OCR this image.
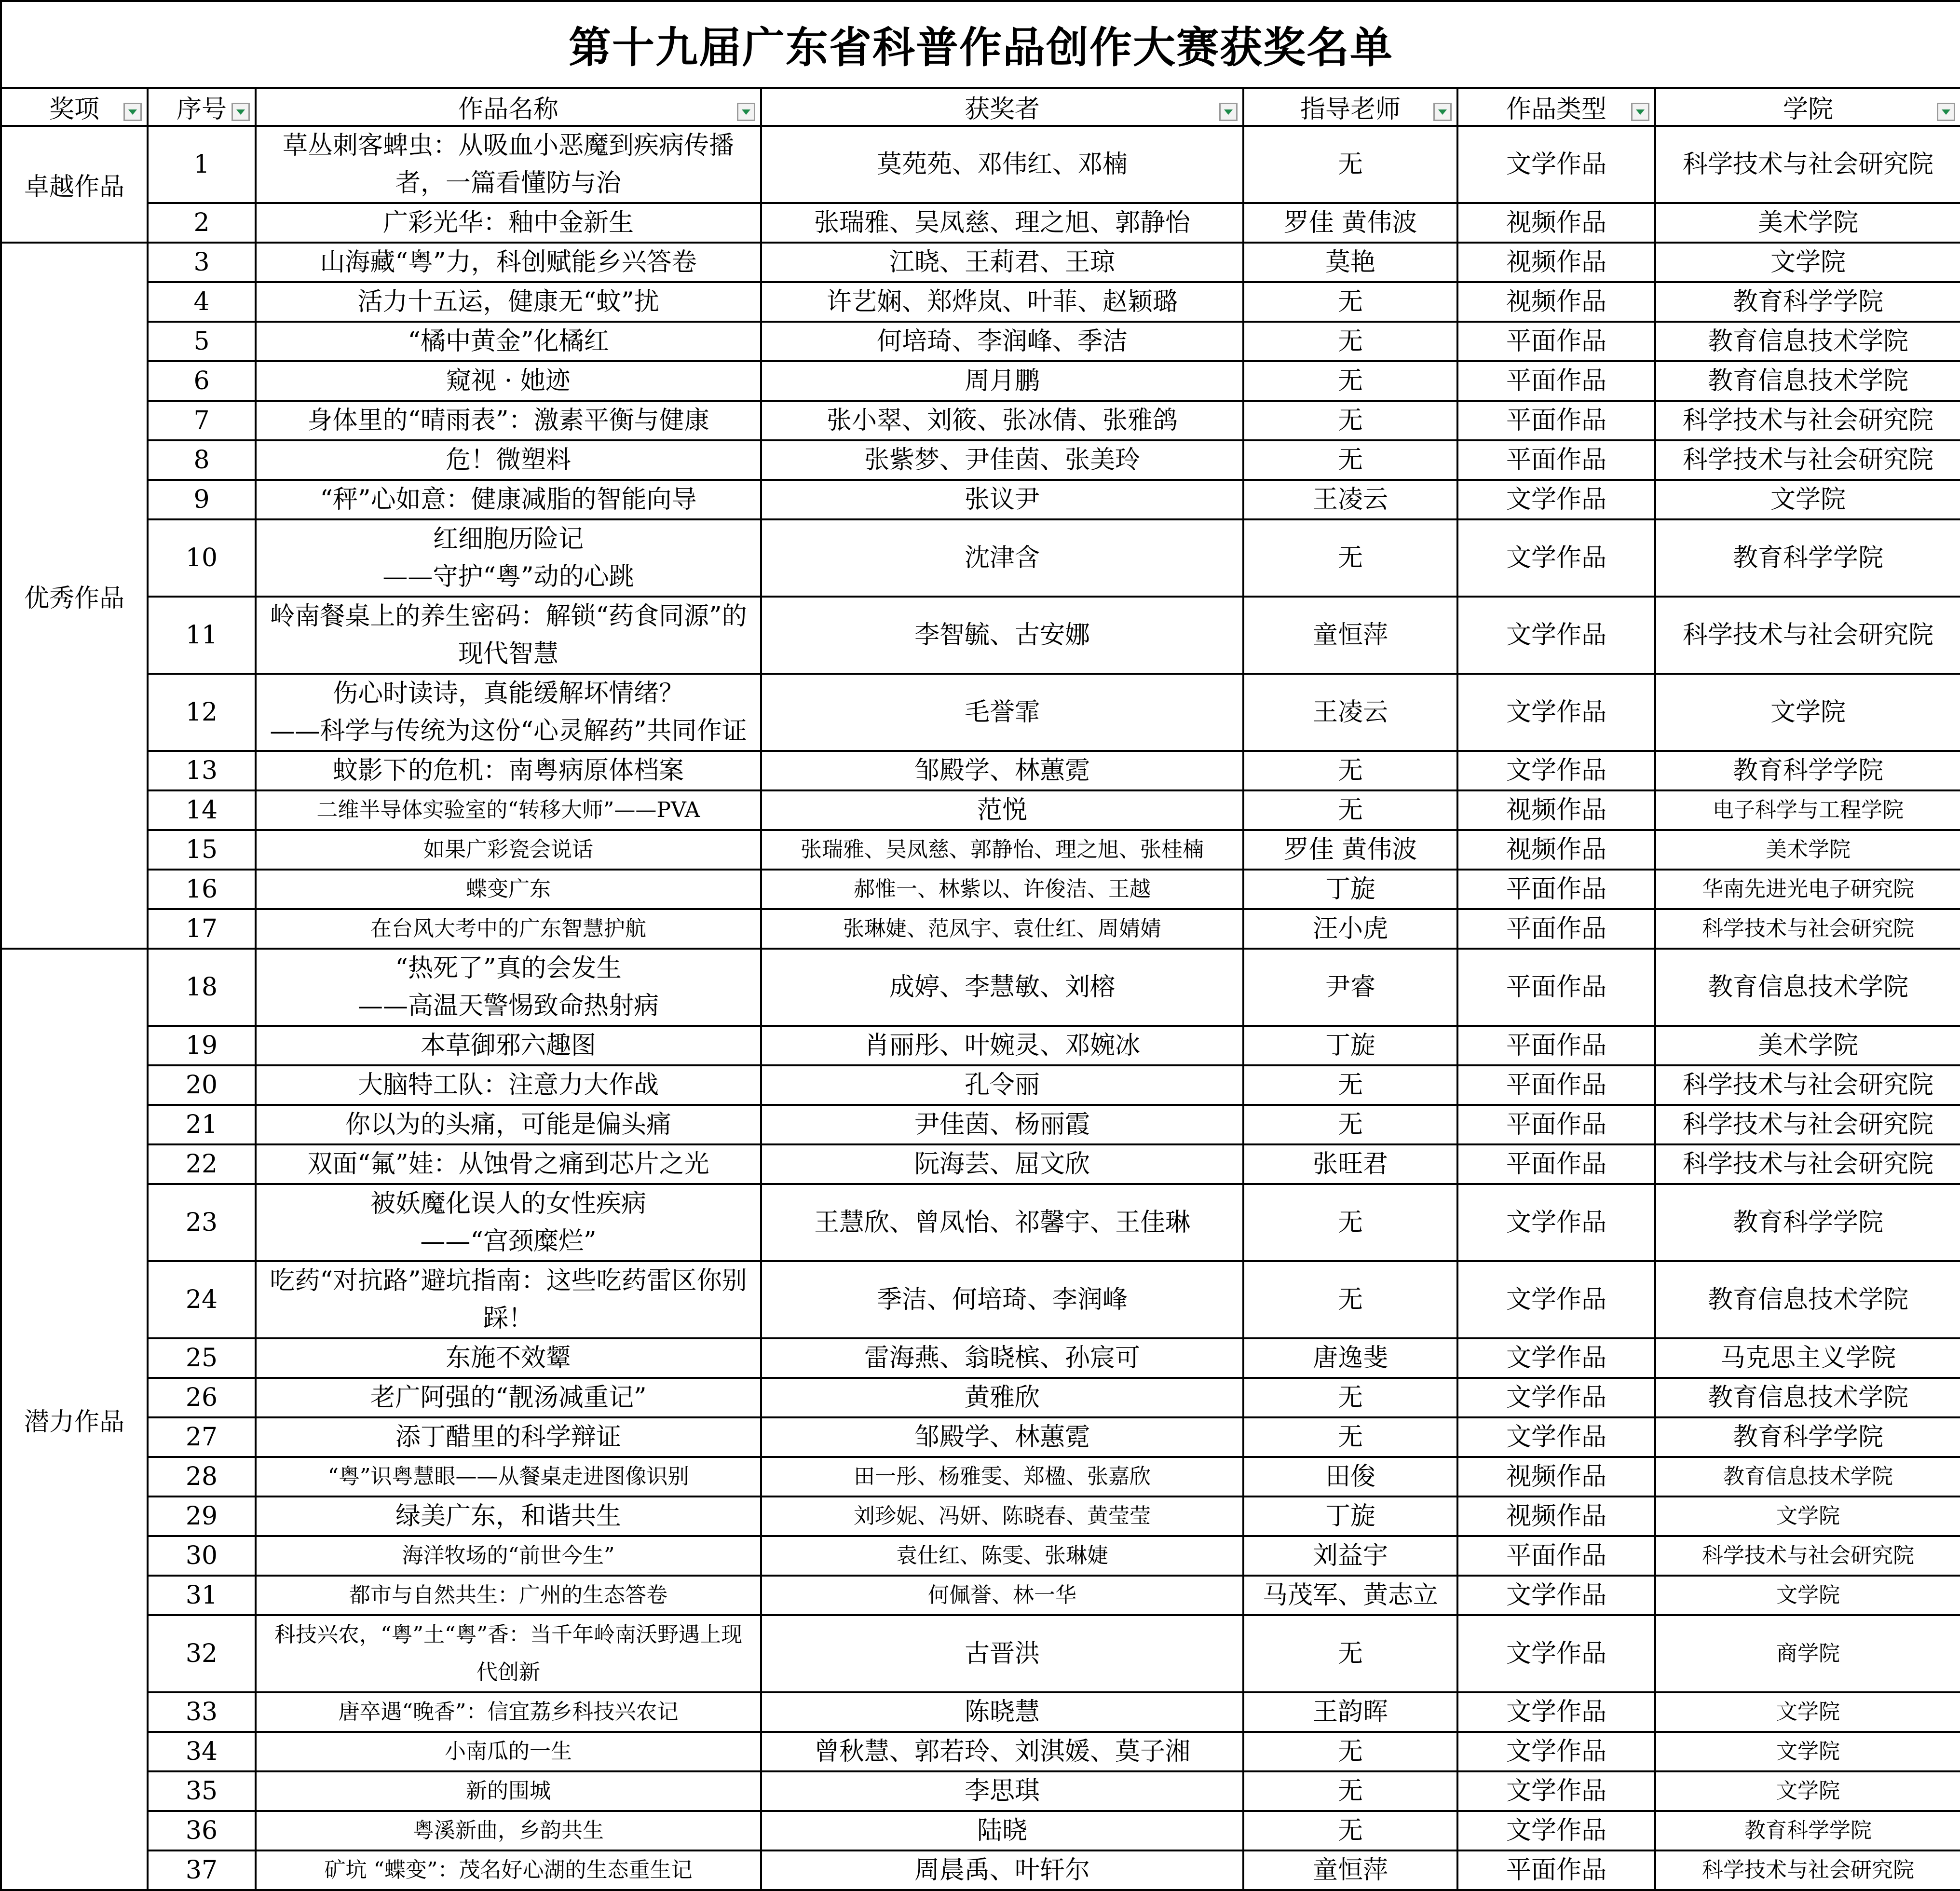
第十九届广东省科普作品创作大赛获奖名单						
奖项	序号	作品名称	获奖者	指导老师	作品类型	学院

卓越作品	1	草丛刺客蜱虫：从吸血小恶魔到疾病传播
者，一篇看懂防与治	莫苑苑、邓伟红、邓楠	无	文学作品	科学技术与社会研究院
	2	广彩光华：釉中金新生	张瑞雅、吴凤慈、理之旭、郭静怡	罗佳 黄伟波	视频作品	美术学院
优秀作品	3	山海藏“粤”力，科创赋能乡兴答卷	江晓、王莉君、王琼	莫艳	视频作品	文学院
	4	活力十五运，健康无“蚊”扰	许艺娴、郑烨岚、叶菲、赵颖璐	无	视频作品	教育科学学院
	5	“橘中黄金”化橘红	何培琦、李润峰、季洁	无	平面作品	教育信息技术学院
	6	窥视 · 她迹	周月鹏	无	平面作品	教育信息技术学院
	7	身体里的“晴雨表”：激素平衡与健康	张小翠、刘筱、张冰倩、张雅鸽	无	平面作品	科学技术与社会研究院
	8	危！微塑料	张紫梦、尹佳茵、张美玲	无	平面作品	科学技术与社会研究院
	9	“秤”心如意：健康减脂的智能向导	张议尹	王凌云	文学作品	文学院
	10	红细胞历险记
——守护“粤”动的心跳	沈津含	无	文学作品	教育科学学院
	11	岭南餐桌上的养生密码：解锁“药食同源”的
现代智慧	李智毓、古安娜	童恒萍	文学作品	科学技术与社会研究院
	12	伤心时读诗，真能缓解坏情绪？
——科学与传统为这份“心灵解药”共同作证	毛誉霏	王凌云	文学作品	文学院
	13	蚊影下的危机：南粤病原体档案	邹殿学、林蕙霓	无	文学作品	教育科学学院
	14	二维半导体实验室的“转移大师”——PVA	范悦	无	视频作品	电子科学与工程学院
	15	如果广彩瓷会说话	张瑞雅、吴凤慈、郭静怡、理之旭、张桂楠	罗佳 黄伟波	视频作品	美术学院
	16	蝶变广东	郝惟一、林紫以、许俊洁、王越	丁旋	平面作品	华南先进光电子研究院
	17	在台风大考中的广东智慧护航	张琳婕、范凤宇、袁仕红、周婧婧	汪小虎	平面作品	科学技术与社会研究院
潜力作品	18	“热死了”真的会发生
——高温天警惕致命热射病	成婷、李慧敏、刘榕	尹睿	平面作品	教育信息技术学院
	19	本草御邪六趣图	肖丽彤、叶婉灵、邓婉冰	丁旋	平面作品	美术学院
	20	大脑特工队：注意力大作战	孔令丽	无	平面作品	科学技术与社会研究院
	21	你以为的头痛，可能是偏头痛	尹佳茵、杨丽霞	无	平面作品	科学技术与社会研究院
	22	双面“氟”娃：从蚀骨之痛到芯片之光	阮海芸、屈文欣	张旺君	平面作品	科学技术与社会研究院
	23	被妖魔化误人的女性疾病
——“宫颈糜烂”	王慧欣、曾凤怡、祁馨宇、王佳琳	无	文学作品	教育科学学院
	24	吃药“对抗路”避坑指南：这些吃药雷区你别
踩！	季洁、何培琦、李润峰	无	文学作品	教育信息技术学院
	25	东施不效颦	雷海燕、翁晓槟、孙宸可	唐逸斐	文学作品	马克思主义学院
	26	老广阿强的“靓汤减重记”	黄雅欣	无	文学作品	教育信息技术学院
	27	添丁醋里的科学辩证	邹殿学、林蕙霓	无	文学作品	教育科学学院
	28	“粤”识粤慧眼——从餐桌走进图像识别	田一彤、杨雅雯、郑楹、张嘉欣	田俊	视频作品	教育信息技术学院
	29	绿美广东，和谐共生	刘珍妮、冯妍、陈晓春、黄莹莹	丁旋	视频作品	文学院
	30	海洋牧场的“前世今生”	袁仕红、陈雯、张琳婕	刘益宇	平面作品	科学技术与社会研究院
	31	都市与自然共生：广州的生态答卷	何佩誉、林一华	马茂军、黄志立	文学作品	文学院
	32	科技兴农，“粤”土“粤”香：当千年岭南沃野遇上现
代创新	古晋洪	无	文学作品	商学院
	33	唐卒遇“晚香”：信宜荔乡科技兴农记	陈晓慧	王韵晖	文学作品	文学院
	34	小南瓜的一生	曾秋慧、郭若玲、刘淇媛、莫子湘	无	文学作品	文学院
	35	新的围城	李思琪	无	文学作品	文学院
	36	粤溪新曲，乡韵共生	陆晓	无	文学作品	教育科学学院
	37	矿坑 “蝶变”：茂名好心湖的生态重生记	周晨禹、叶轩尔	童恒萍	平面作品	科学技术与社会研究院
